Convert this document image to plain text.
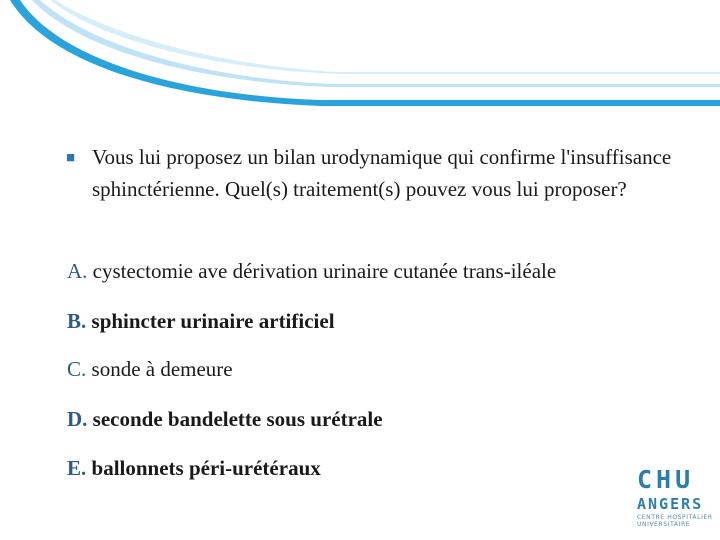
■ Vous lui proposez un bilan urodynamique qui confirme l'insuffisance sphinctérienne. Quel(s) traitement(s) pouvez vous lui proposer?
A. cystectomie ave dérivation urinaire cutanée trans-iléale
B. sphincter urinaire artificiel
C. sonde à demeure
D. seconde bandelette sous urétrale
E. ballonnets péri-urétéraux	CHU
ANGERS
CENTRE HOSPITALIER
UNIVERSITAIRE
